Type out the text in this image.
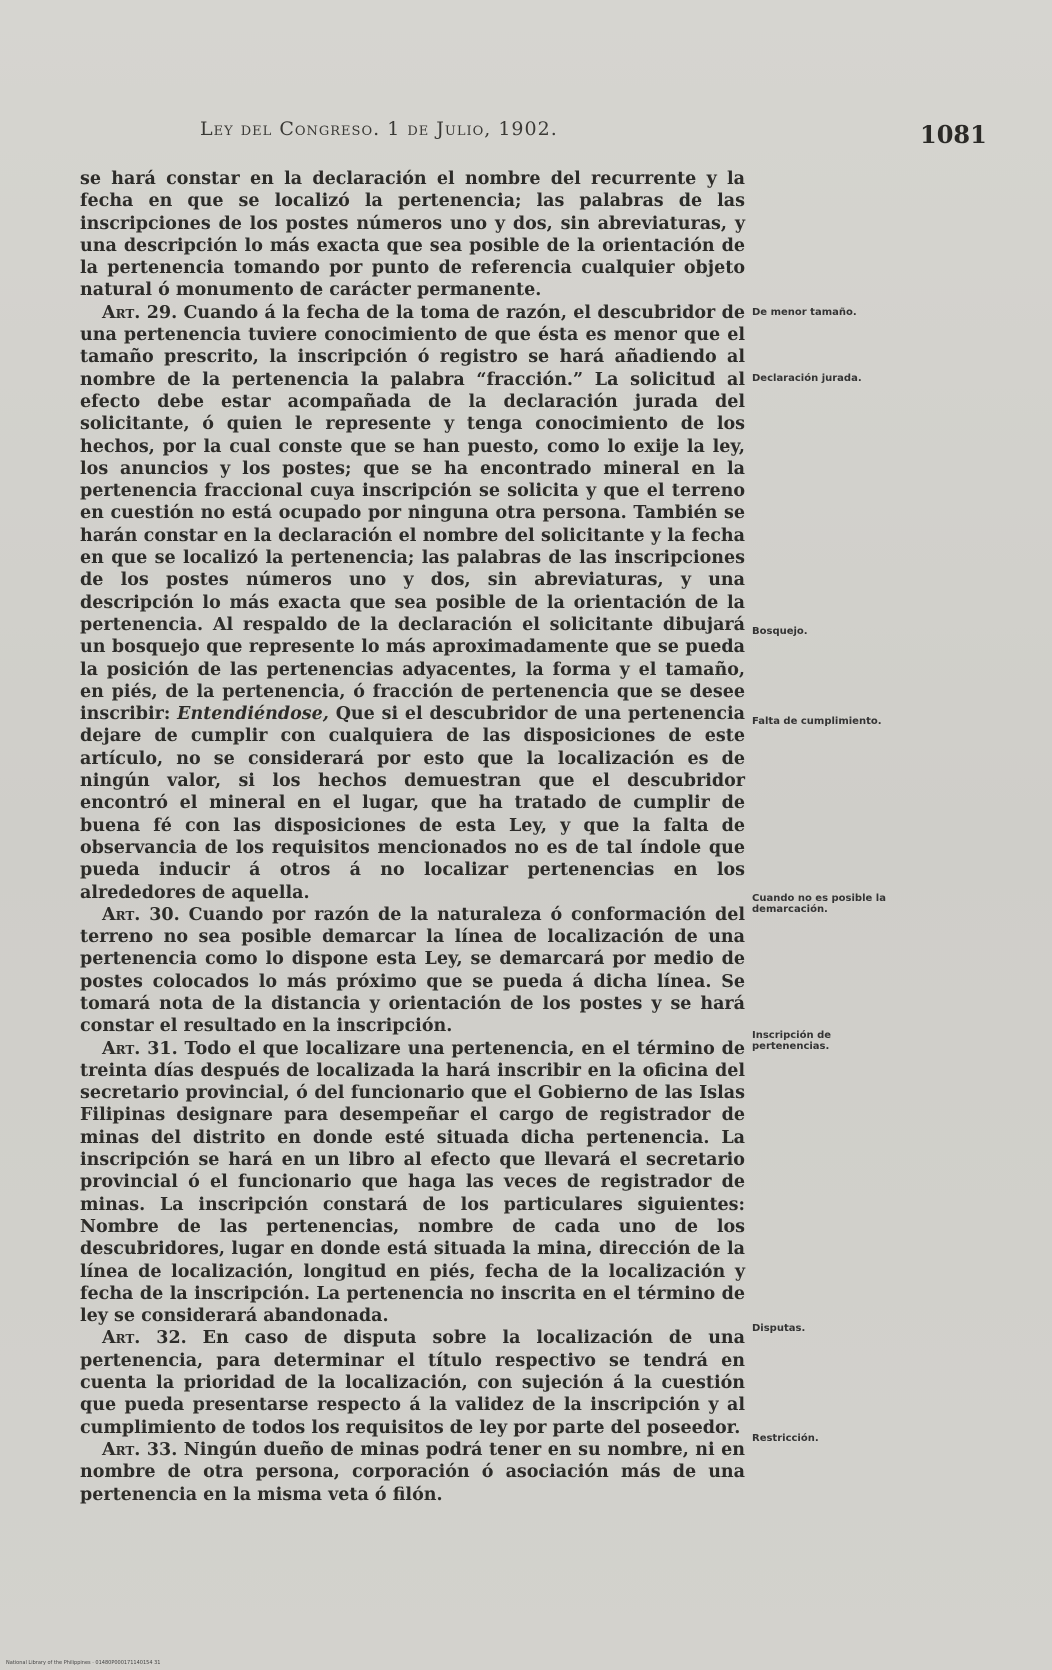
Ley del Congreso. 1 de Julio, 1902.	1081

se hará constar en la declaración el nombre del recurrente y la fecha en que se localizó la pertenencia; las palabras de las inscripciones de los postes números uno y dos, sin abreviaturas, y una descripción lo más exacta que sea posible de la orientación de la pertenencia tomando por punto de referencia cualquier objeto natural ó monumento de carácter permanente.

Art. 29. Cuando á la fecha de la toma de razón, el descubridor de una pertenencia tuviere conocimiento de que ésta es menor que el tamaño prescrito, la inscripción ó registro se hará añadiendo al nombre de la pertenencia la palabra “fracción.” La solicitud al efecto debe estar acompañada de la declaración jurada del solicitante, ó quien le represente y tenga conocimiento de los hechos, por la cual conste que se han puesto, como lo exije la ley, los anuncios y los postes; que se ha encontrado mineral en la pertenencia fraccional cuya inscripción se solicita y que el terreno en cuestión no está ocupado por ninguna otra persona. También se harán constar en la declaración el nombre del solicitante y la fecha en que se localizó la pertenencia; las palabras de las inscripciones de los postes números uno y dos, sin abreviaturas, y una descripción lo más exacta que sea posible de la orientación de la pertenencia. Al respaldo de la declaración el solicitante dibujará un bosquejo que represente lo más aproximadamente que se pueda la posición de las pertenencias adyacentes, la forma y el tamaño, en piés, de la pertenencia, ó fracción de pertenencia que se desee inscribir: Entendiéndose, Que si el descubridor de una pertenencia dejare de cumplir con cualquiera de las disposiciones de este artículo, no se considerará por esto que la localización es de ningún valor, si los hechos demuestran que el descubridor encontró el mineral en el lugar, que ha tratado de cumplir de buena fé con las disposiciones de esta Ley, y que la falta de observancia de los requisitos mencionados no es de tal índole que pueda inducir á otros á no localizar pertenencias en los alrededores de aquella.

Art. 30. Cuando por razón de la naturaleza ó conformación del terreno no sea posible demarcar la línea de localización de una pertenencia como lo dispone esta Ley, se demarcará por medio de postes colocados lo más próximo que se pueda á dicha línea. Se tomará nota de la distancia y orientación de los postes y se hará constar el resultado en la inscripción.

Art. 31. Todo el que localizare una pertenencia, en el término de treinta días después de localizada la hará inscribir en la oficina del secretario provincial, ó del funcionario que el Gobierno de las Islas Filipinas designare para desempeñar el cargo de registrador de minas del distrito en donde esté situada dicha pertenencia. La inscripción se hará en un libro al efecto que llevará el secretario provincial ó el funcionario que haga las veces de registrador de minas. La inscripción constará de los particulares siguientes: Nombre de las pertenencias, nombre de cada uno de los descubridores, lugar en donde está situada la mina, dirección de la línea de localización, longitud en piés, fecha de la localización y fecha de la inscripción. La pertenencia no inscrita en el término de ley se considerará abandonada.

Art. 32. En caso de disputa sobre la localización de una pertenencia, para determinar el título respectivo se tendrá en cuenta la prioridad de la localización, con sujeción á la cuestión que pueda presentarse respecto á la validez de la inscripción y al cumplimiento de todos los requisitos de ley por parte del poseedor.

Art. 33. Ningún dueño de minas podrá tener en su nombre, ni en nombre de otra persona, corporación ó asociación más de una pertenencia en la misma veta ó filón.

De menor tamaño.
Declaración jurada.
Bosquejo.
Falta de cumplimiento.
Cuando no es posible la demarcación.
Inscripción de pertenencias.
Disputas.
Restricción.
National Library of the Philippines · 01480P000171140154 31
